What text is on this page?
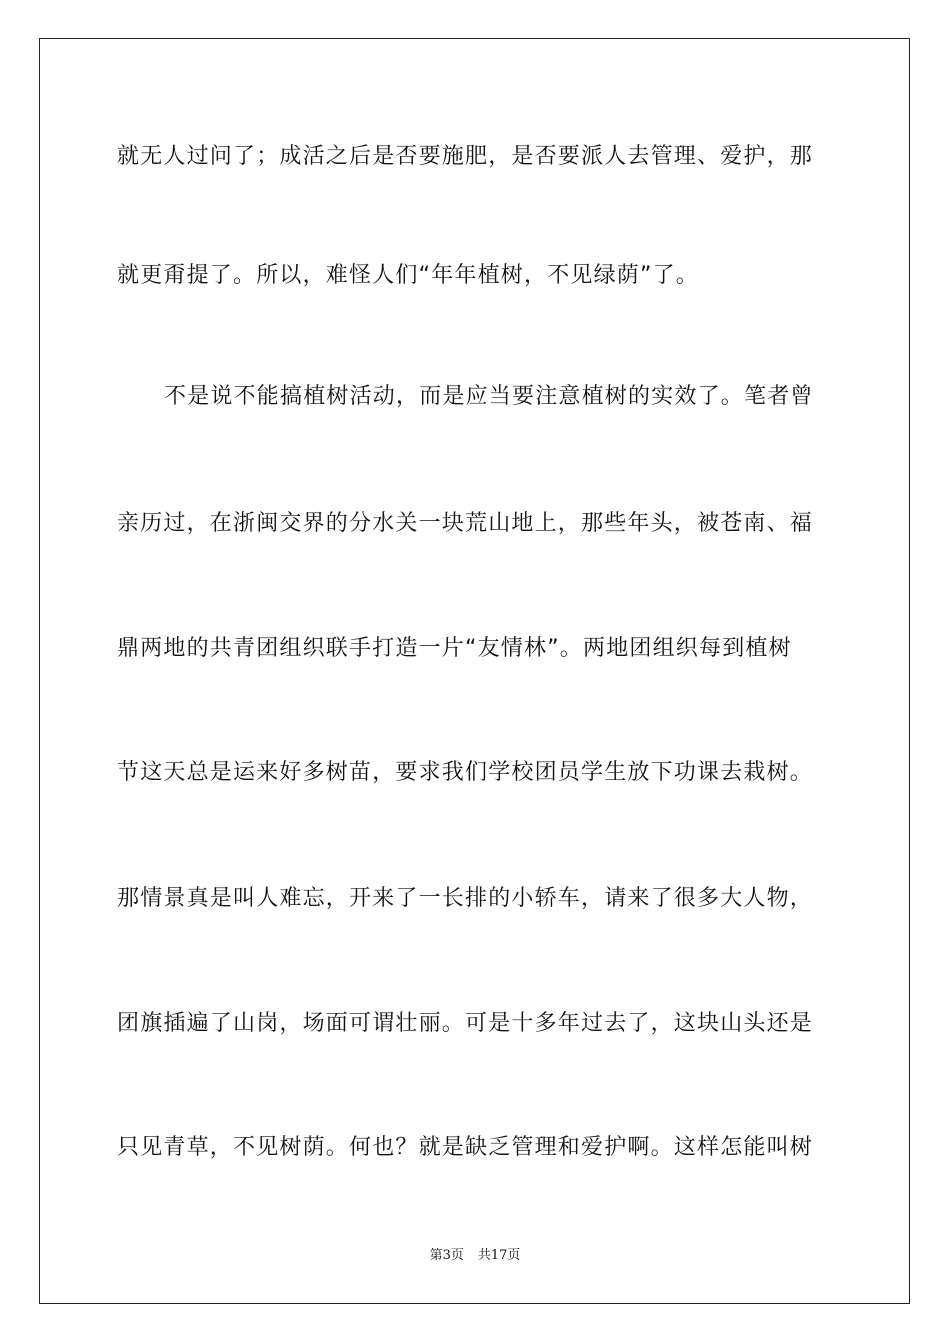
就无人过问了；成活之后是否要施肥，是否要派人去管理、爱护，那
就更甭提了。所以，难怪人们“年年植树，不见绿荫”了。
不是说不能搞植树活动，而是应当要注意植树的实效了。笔者曾
亲历过，在浙闽交界的分水关一块荒山地上，那些年头，被苍南、福
鼎两地的共青团组织联手打造一片“友情林”。两地团组织每到植树
节这天总是运来好多树苗，要求我们学校团员学生放下功课去栽树。
那情景真是叫人难忘，开来了一长排的小轿车，请来了很多大人物，
团旗插遍了山岗，场面可谓壮丽。可是十多年过去了，这块山头还是
只见青草，不见树荫。何也？就是缺乏管理和爱护啊。这样怎能叫树
第3页 共17页
